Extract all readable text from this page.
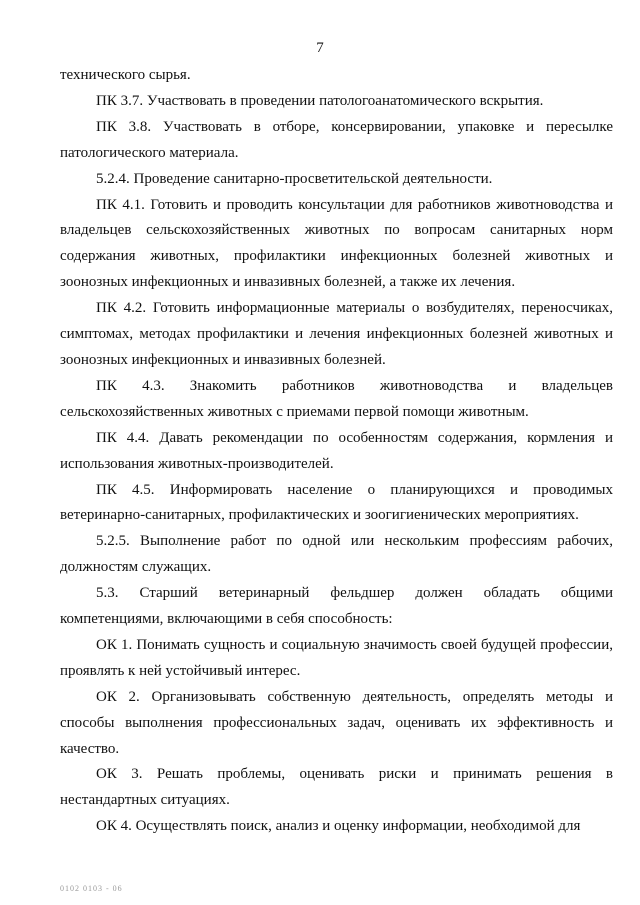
7

технического сырья.

ПК 3.7. Участвовать в проведении патологоанатомического вскрытия.

ПК 3.8. Участвовать в отборе, консервировании, упаковке и пересылке патологического материала.

5.2.4. Проведение санитарно-просветительской деятельности.

ПК 4.1. Готовить и проводить консультации для работников животноводства и владельцев сельскохозяйственных животных по вопросам санитарных норм содержания животных, профилактики инфекционных болезней животных и зоонозных инфекционных и инвазивных болезней, а также их лечения.

ПК 4.2. Готовить информационные материалы о возбудителях, переносчиках, симптомах, методах профилактики и лечения инфекционных болезней животных и зоонозных инфекционных и инвазивных болезней.

ПК 4.3. Знакомить работников животноводства и владельцев сельскохозяйственных животных с приемами первой помощи животным.

ПК 4.4. Давать рекомендации по особенностям содержания, кормления и использования животных-производителей.

ПК 4.5. Информировать население о планирующихся и проводимых ветеринарно-санитарных, профилактических и зоогигиенических мероприятиях.

5.2.5. Выполнение работ по одной или нескольким профессиям рабочих, должностям служащих.

5.3. Старший ветеринарный фельдшер должен обладать общими компетенциями, включающими в себя способность:

ОК 1. Понимать сущность и социальную значимость своей будущей профессии, проявлять к ней устойчивый интерес.

ОК 2. Организовывать собственную деятельность, определять методы и способы выполнения профессиональных задач, оценивать их эффективность и качество.

ОК 3. Решать проблемы, оценивать риски и принимать решения в нестандартных ситуациях.

ОК 4. Осуществлять поиск, анализ и оценку информации, необходимой для

0102 0103 - 06
